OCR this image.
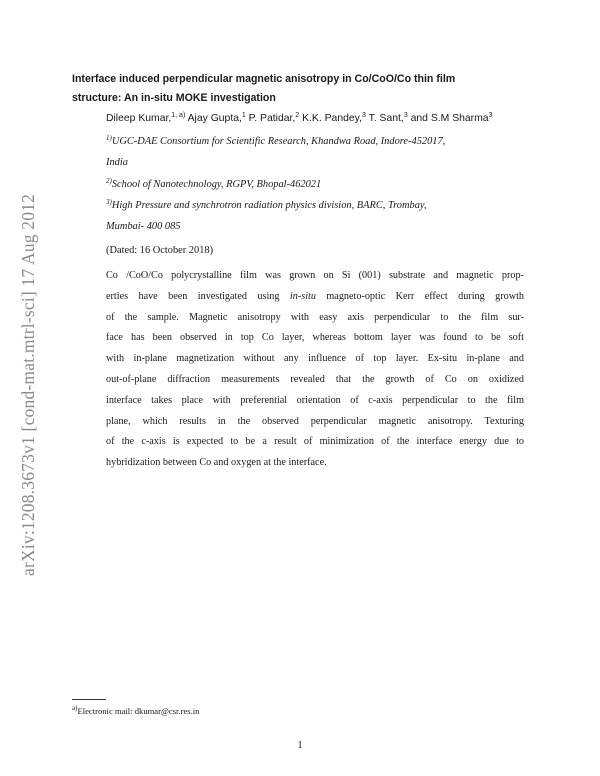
arXiv:1208.3673v1 [cond-mat.mtrl-sci] 17 Aug 2012
Interface induced perpendicular magnetic anisotropy in Co/CoO/Co thin film
structure: An in-situ MOKE investigation
Dileep Kumar,$^{1, a)}$ Ajay Gupta,$^1$ P. Patidar,$^2$ K.K. Pandey,$^3$ T. Sant,$^3$ and S.M Sharma$^3$
$^{1)}$UGC-DAE Consortium for Scientific Research, Khandwa Road, Indore-452017,
India
$^{2)}$School of Nanotechnology, RGPV, Bhopal-462021
$^{3)}$High Pressure and synchrotron radiation physics division, BARC, Trombay,
Mumbai- 400 085
(Dated: 16 October 2018)
Co /CoO/Co polycrystalline film was grown on Si (001) substrate and magnetic prop-
erties have been investigated using in-situ magneto-optic Kerr effect during growth
of the sample. Magnetic anisotropy with easy axis perpendicular to the film sur-
face has been observed in top Co layer, whereas bottom layer was found to be soft
with in-plane magnetization without any influence of top layer. Ex-situ in-plane and
out-of-plane diffraction measurements revealed that the growth of Co on oxidized
interface takes place with preferential orientation of c-axis perpendicular to the film
plane, which results in the observed perpendicular magnetic anisotropy. Texturing
of the c-axis is expected to be a result of minimization of the interface energy due to
hybridization between Co and oxygen at the interface.
$^{a)}$Electronic mail: dkumar@csr.res.in
1
